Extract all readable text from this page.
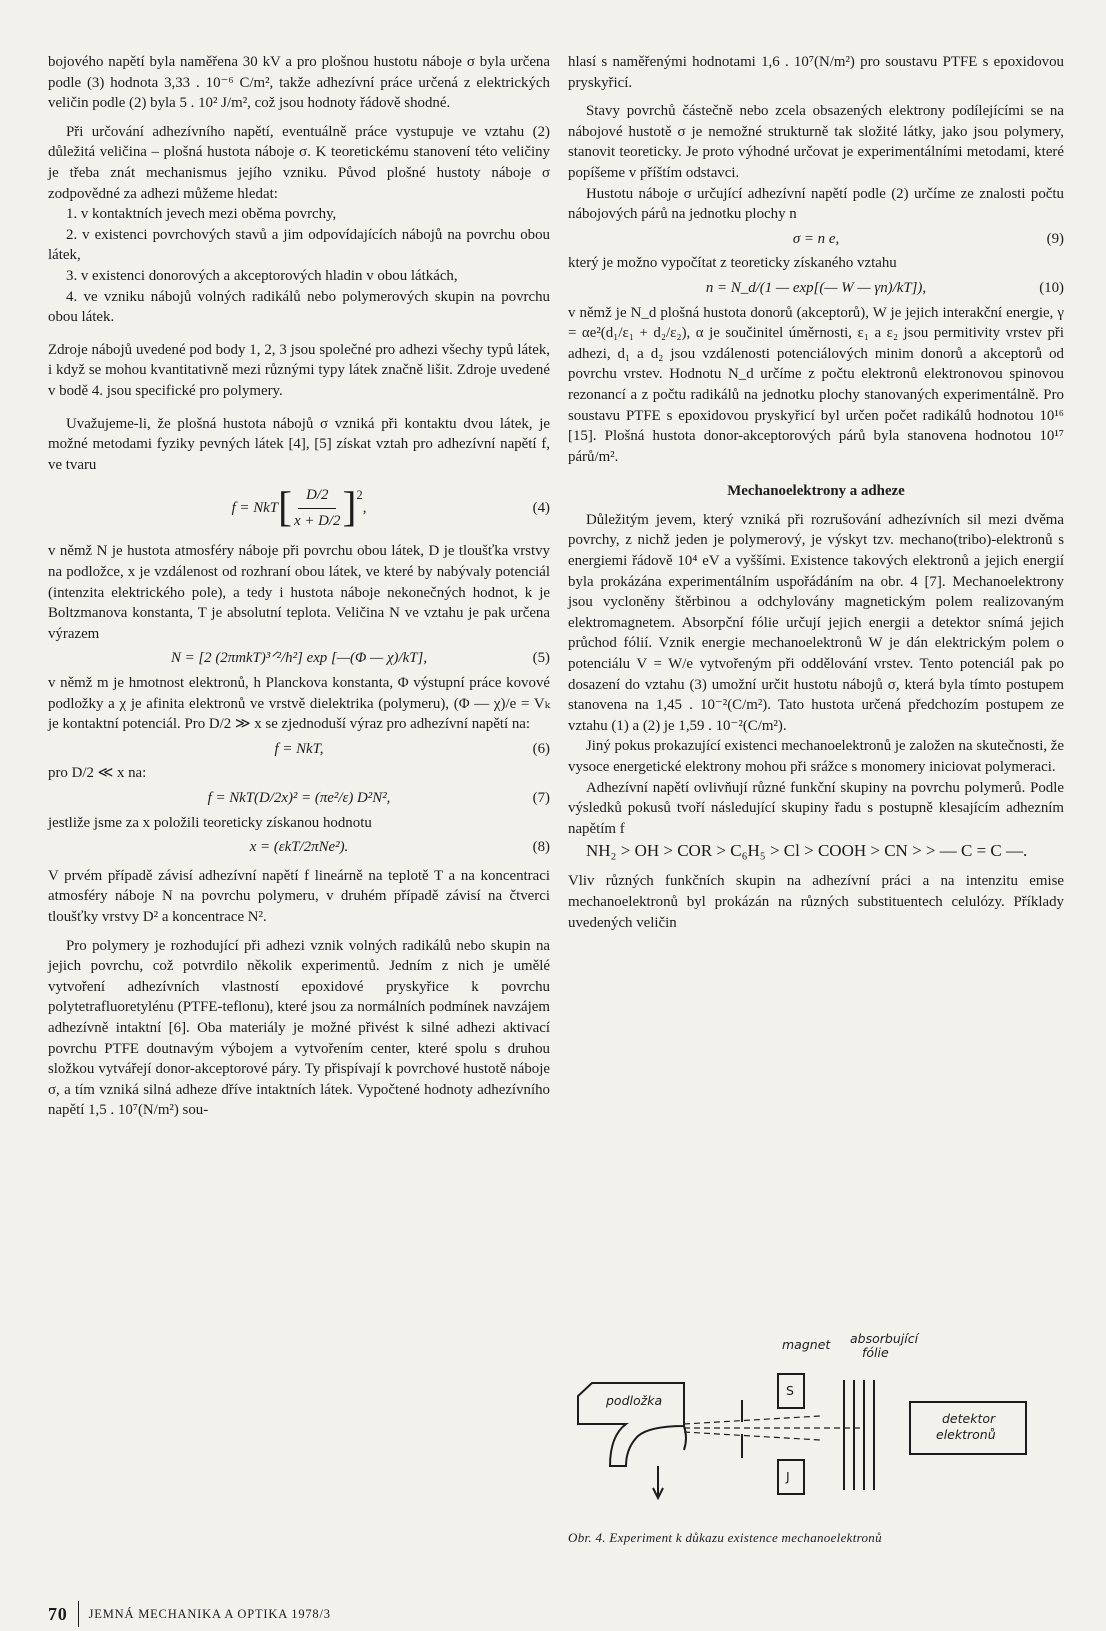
bojového napětí byla naměřena 30 kV a pro plošnou hustotu náboje σ byla určena podle (3) hodnota 3,33 . 10⁻⁶ C/m², takže adhezívní práce určená z elektrických veličin podle (2) byla 5 . 10² J/m², což jsou hodnoty řádově shodné.

Při určování adhezívního napětí, eventuálně práce vystupuje ve vztahu (2) důležitá veličina – plošná hustota náboje σ. K teoretickému stanovení této veličiny je třeba znát mechanismus jejího vzniku. Původ plošné hustoty náboje σ zodpovědné za adhezi můžeme hledat:

1. v kontaktních jevech mezi oběma povrchy,

2. v existenci povrchových stavů a jim odpovídajících nábojů na povrchu obou látek,

3. v existenci donorových a akceptorových hladin v obou látkách,

4. ve vzniku nábojů volných radikálů nebo polymerových skupin na povrchu obou látek.

Zdroje nábojů uvedené pod body 1, 2, 3 jsou společné pro adhezi všechy typů látek, i když se mohou kvantitativně mezi různými typy látek značně lišit. Zdroje uvedené v bodě 4. jsou specifické pro polymery.

Uvažujeme-li, že plošná hustota nábojů σ vzniká při kontaktu dvou látek, je možné metodami fyziky pevných látek [4], [5] získat vztah pro adhezívní napětí f, ve tvaru

f = NkT [ $\frac{D/2}{x + D/2} ]^2$
,	(4)

v němž N je hustota atmosféry náboje při povrchu obou látek, D je tloušťka vrstvy na podložce, x je vzdálenost od rozhraní obou látek, ve které by nabývaly potenciál (intenzita elektrického pole), a tedy i hustota náboje nekonečných hodnot, k je Boltzmanova konstanta, T je absolutní teplota. Veličina N ve vztahu je pak určena výrazem

N = [2 (2πmkT)³ᐟ²/h²] exp [—(Φ — χ)/kT],	(5)

v němž m je hmotnost elektronů, h Planckova konstanta, Φ výstupní práce kovové podložky a χ je afinita elektronů ve vrstvě dielektrika (polymeru), (Φ — χ)/e = Vₖ je kontaktní potenciál. Pro D/2 ≫ x se zjednoduší výraz pro adhezívní napětí na:

f = NkT,	(6)

pro D/2 ≪ x na:

f = NkT(D/2x)² = (πe²/ε) D²N²,	(7)

jestliže jsme za x položili teoreticky získanou hodnotu

x = (εkT/2πNe²).	(8)

V prvém případě závisí adhezívní napětí f lineárně na teplotě T a na koncentraci atmosféry náboje N na povrchu polymeru, v druhém případě závisí na čtverci tloušťky vrstvy D² a koncentrace N².

Pro polymery je rozhodující při adhezi vznik volných radikálů nebo skupin na jejich povrchu, což potvrdilo několik experimentů. Jedním z nich je umělé vytvoření adhezívních vlastností epoxidové pryskyřice k povrchu polytetrafluoretylénu (PTFE-teflonu), které jsou za normálních podmínek navzájem adhezívně intaktní [6]. Oba materiály je možné přivést k silné adhezi aktivací povrchu PTFE doutnavým výbojem a vytvořením center, které spolu s druhou složkou vytvářejí donor-akceptorové páry. Ty přispívají k povrchové hustotě náboje σ, a tím vzniká silná adheze dříve intaktních látek. Vypočtené hodnoty adhezívního napětí 1,5 . 10⁷(N/m²) sou-

hlasí s naměřenými hodnotami 1,6 . 10⁷(N/m²) pro soustavu PTFE s epoxidovou pryskyřicí.

Stavy povrchů částečně nebo zcela obsazených elektrony podílejícími se na nábojové hustotě σ je nemožné strukturně tak složité látky, jako jsou polymery, stanovit teoreticky. Je proto výhodné určovat je experimentálními metodami, které popíšeme v příštím odstavci.

Hustotu náboje σ určující adhezívní napětí podle (2) určíme ze znalosti počtu nábojových párů na jednotku plochy n

σ = n e,	(9)

který je možno vypočítat z teoreticky získaného vztahu

n = N_d/(1 — exp[(— W — γn)/kT]),	(10)

v němž je N_d plošná hustota donorů (akceptorů), W je jejich interakční energie, γ = αe²(d₁/ε₁ + d₂/ε₂), α je součinitel úměrnosti, ε₁ a ε₂ jsou permitivity vrstev při adhezi, d₁ a d₂ jsou vzdálenosti potenciálových minim donorů a akceptorů od povrchu vrstev. Hodnotu N_d určíme z počtu elektronů elektronovou spinovou rezonancí a z počtu radikálů na jednotku plochy stanovaných experimentálně. Pro soustavu PTFE s epoxidovou pryskyřicí byl určen počet radikálů hodnotou 10¹⁶ [15]. Plošná hustota donor-akceptorových párů byla stanovena hodnotou 10¹⁷ párů/m².

Mechanoelektrony a adheze

Důležitým jevem, který vzniká při rozrušování adhezívních sil mezi dvěma povrchy, z nichž jeden je polymerový, je výskyt tzv. mechano(tribo)-elektronů s energiemi řádově 10⁴ eV a vyššími. Existence takových elektronů a jejich energií byla prokázána experimentálním uspořádáním na obr. 4 [7]. Mechanoelektrony jsou vycloněny štěrbinou a odchylovány magnetickým polem realizovaným elektromagnetem. Absorpční fólie určují jejich energii a detektor snímá jejich průchod fólií. Vznik energie mechanoelektronů W je dán elektrickým polem o potenciálu V = W/e vytvořeným při oddělování vrstev. Tento potenciál pak po dosazení do vztahu (3) umožní určit hustotu nábojů σ, která byla tímto postupem stanovena na 1,45 . 10⁻²(C/m²). Tato hustota určená předchozím postupem ze vztahu (1) a (2) je 1,59 . 10⁻²(C/m²).

Jiný pokus prokazující existenci mechanoelektronů je založen na skutečnosti, že vysoce energetické elektrony mohou při srážce s monomery iniciovat polymeraci.

Adhezívní napětí ovlivňují různé funkční skupiny na povrchu polymerů. Podle výsledků pokusů tvoří následující skupiny řadu s postupně klesajícím adhezním napětím f

NH₂ > OH > COR > C₆H₅ > Cl > COOH > CN > > — C = C —.

Vliv různých funkčních skupin na adhezívní práci a na intenzitu emise mechanoelektronů byl prokázán na různých substituentech celulózy. Příklady uvedených veličin

magnet absorbující
fólie
podložka
S
J
detektor
elektronů
Obr. 4. Experiment k důkazu existence mechanoelektronů
70 JEMNÁ MECHANIKA A OPTIKA 1978/3
